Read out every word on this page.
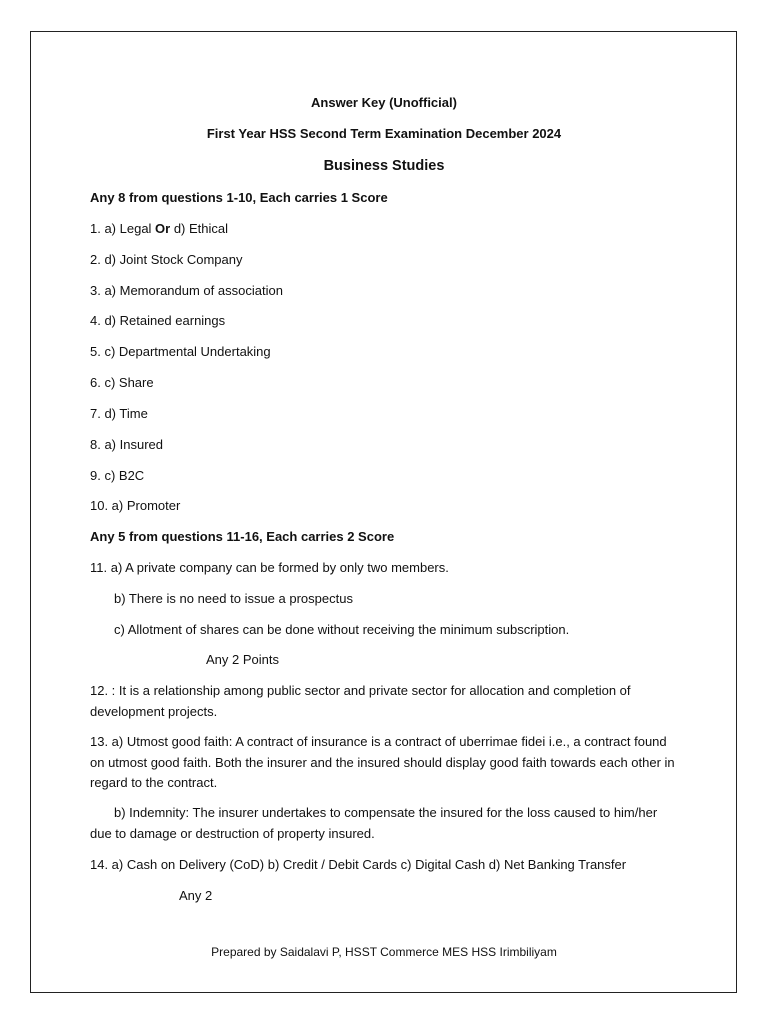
Answer Key (Unofficial)
First Year HSS Second Term Examination December 2024
Business Studies
Any 8 from questions 1-10, Each carries 1 Score
1. a) Legal Or d) Ethical
2. d) Joint Stock Company
3. a) Memorandum of association
4. d) Retained earnings
5. c) Departmental Undertaking
6. c) Share
7. d) Time
8. a) Insured
9. c) B2C
10. a) Promoter
Any 5 from questions 11-16, Each carries 2 Score
11. a) A private company can be formed by only two members.
b) There is no need to issue a prospectus
c) Allotment of shares can be done without receiving the minimum subscription.
Any 2 Points
12. : It is a relationship among public sector and private sector for allocation and completion of development projects.
13. a) Utmost good faith: A contract of insurance is a contract of uberrimae fidei i.e., a contract found on utmost good faith. Both the insurer and the insured should display good faith towards each other in regard to the contract.
b) Indemnity: The insurer undertakes to compensate the insured for the loss caused to him/her due to damage or destruction of property insured.
14. a) Cash on Delivery (CoD) b) Credit / Debit Cards c) Digital Cash d) Net Banking Transfer
Any 2
Prepared by Saidalavi P, HSST Commerce MES HSS Irimbiliyam
